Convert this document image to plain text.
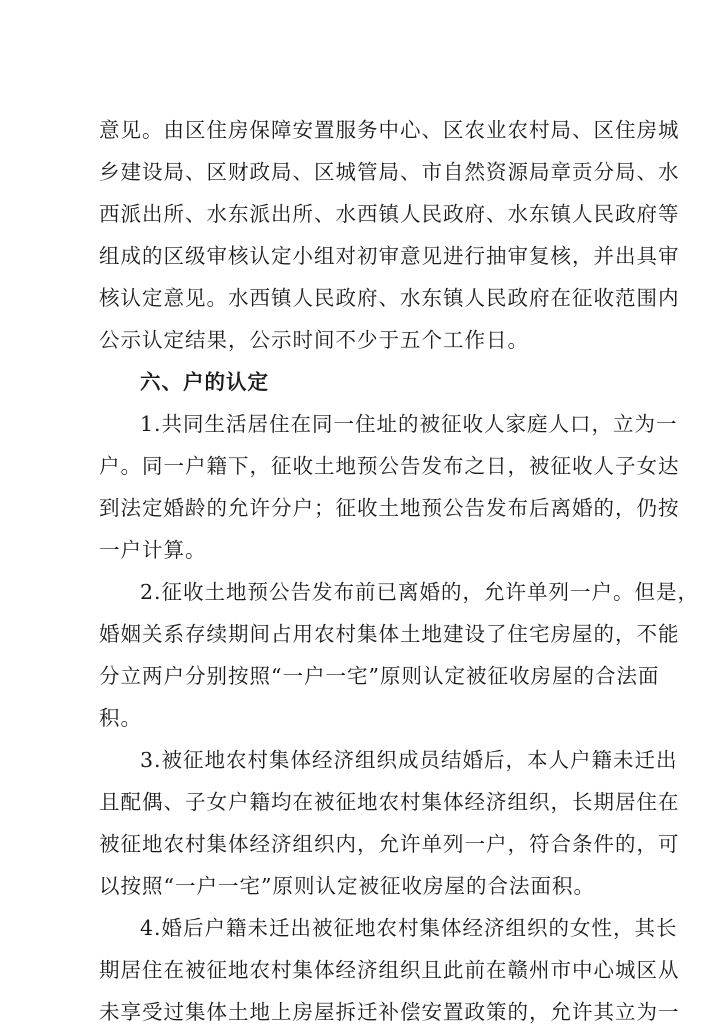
意见。由区住房保障安置服务中心、区农业农村局、区住房城
乡建设局、区财政局、区城管局、市自然资源局章贡分局、水
西派出所、水东派出所、水西镇人民政府、水东镇人民政府等
组成的区级审核认定小组对初审意见进行抽审复核，并出具审
核认定意见。水西镇人民政府、水东镇人民政府在征收范围内
公示认定结果，公示时间不少于五个工作日。
六、户的认定
1.共同生活居住在同一住址的被征收人家庭人口，立为一
户。同一户籍下，征收土地预公告发布之日，被征收人子女达
到法定婚龄的允许分户；征收土地预公告发布后离婚的，仍按
一户计算。
2.征收土地预公告发布前已离婚的，允许单列一户。但是，
婚姻关系存续期间占用农村集体土地建设了住宅房屋的，不能
分立两户分别按照“一户一宅”原则认定被征收房屋的合法面
积。
3.被征地农村集体经济组织成员结婚后，本人户籍未迁出
且配偶、子女户籍均在被征地农村集体经济组织，长期居住在
被征地农村集体经济组织内，允许单列一户，符合条件的，可
以按照“一户一宅”原则认定被征收房屋的合法面积。
4.婚后户籍未迁出被征地农村集体经济组织的女性，其长
期居住在被征地农村集体经济组织且此前在赣州市中心城区从
未享受过集体土地上房屋拆迁补偿安置政策的，允许其立为一
